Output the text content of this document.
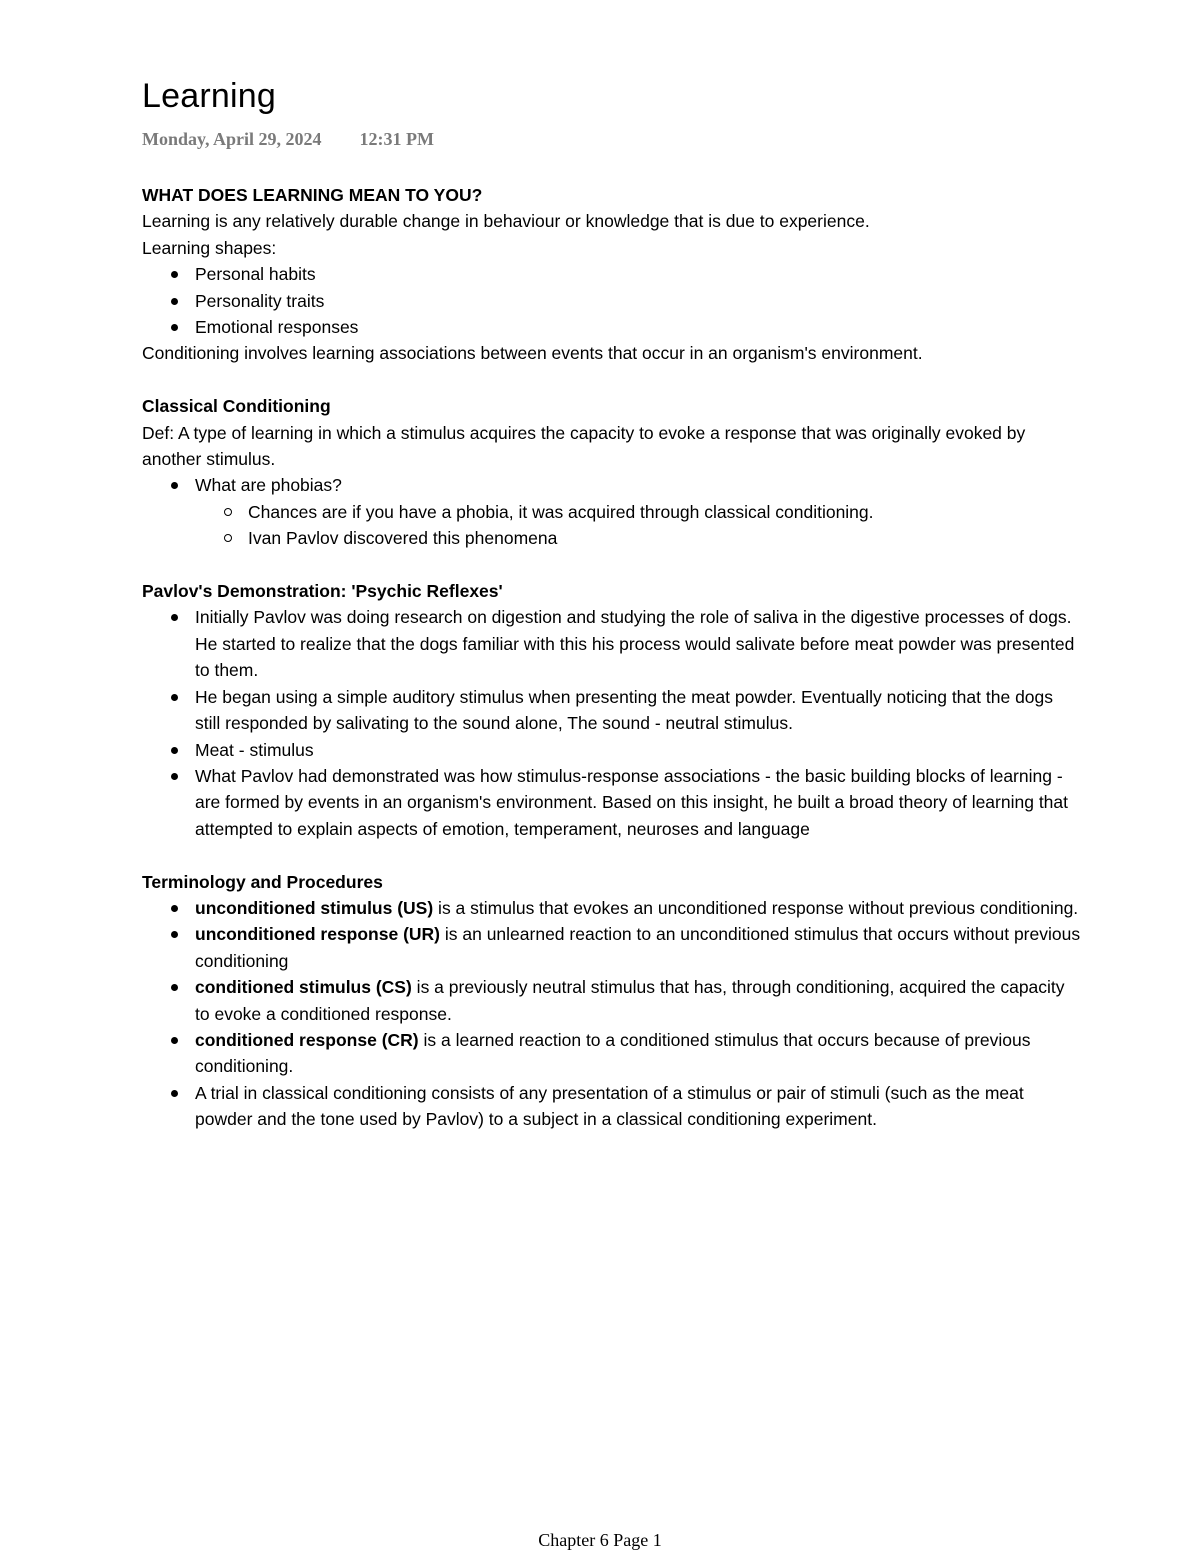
Learning
Monday, April 29, 2024 12:31 PM

WHAT DOES LEARNING MEAN TO YOU?

Learning is any relatively durable change in behaviour or knowledge that is due to experience.

Learning shapes:

Personal habits
Personality traits
Emotional responses

Conditioning involves learning associations between events that occur in an organism's environment.

Classical Conditioning

Def: A type of learning in which a stimulus acquires the capacity to evoke a response that was originally evoked by another stimulus.

What are phobias?
Chances are if you have a phobia, it was acquired through classical conditioning.
Ivan Pavlov discovered this phenomena

Pavlov's Demonstration: 'Psychic Reflexes'

Initially Pavlov was doing research on digestion and studying the role of saliva in the digestive processes of dogs. He started to realize that the dogs familiar with this his process would salivate before meat powder was presented to them.
He began using a simple auditory stimulus when presenting the meat powder. Eventually noticing that the dogs still responded by salivating to the sound alone, The sound - neutral stimulus.
Meat - stimulus
What Pavlov had demonstrated was how stimulus-response associations - the basic building blocks of learning - are formed by events in an organism's environment. Based on this insight, he built a broad theory of learning that attempted to explain aspects of emotion, temperament, neuroses and language

Terminology and Procedures

unconditioned stimulus (US) is a stimulus that evokes an unconditioned response without previous conditioning.
unconditioned response (UR) is an unlearned reaction to an unconditioned stimulus that occurs without previous conditioning
conditioned stimulus (CS) is a previously neutral stimulus that has, through conditioning, acquired the capacity to evoke a conditioned response.
conditioned response (CR) is a learned reaction to a conditioned stimulus that occurs because of previous conditioning.
A trial in classical conditioning consists of any presentation of a stimulus or pair of stimuli (such as the meat powder and the tone used by Pavlov) to a subject in a classical conditioning experiment.
Chapter 6 Page 1
